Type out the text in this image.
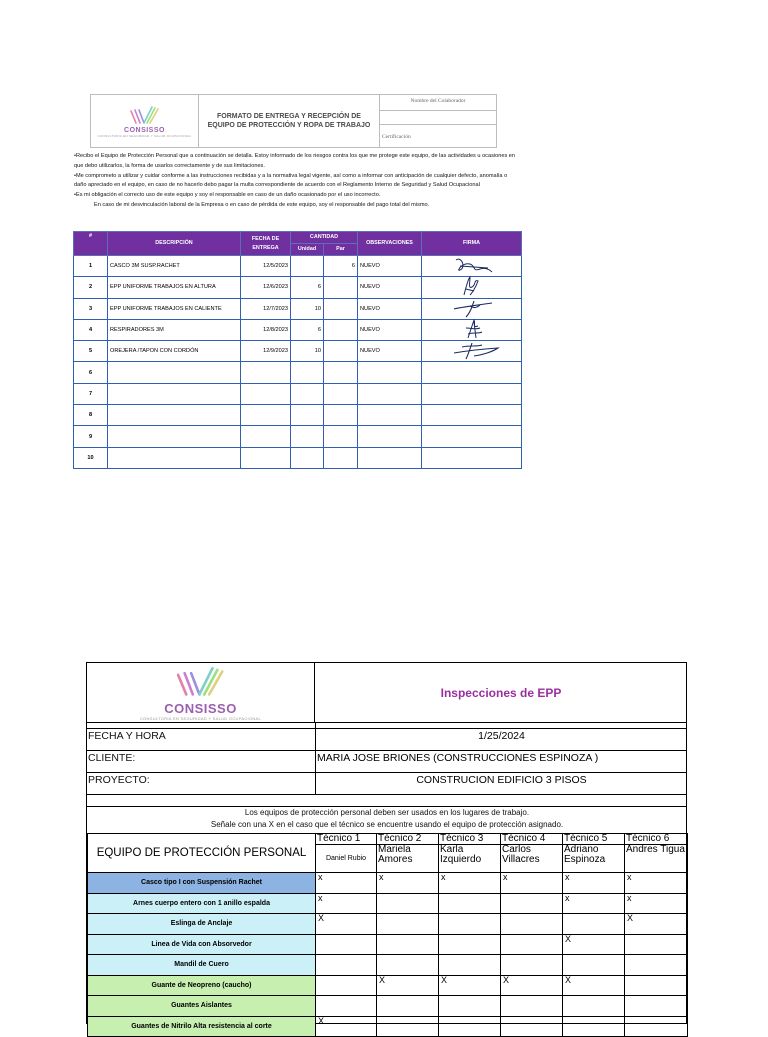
CONSISSO
CONSULTORIA EN SEGURIDAD Y SALUD OCUPACIONAL
FORMATO DE ENTREGA Y RECEPCIÓN DE EQUIPO DE PROTECCIÓN Y ROPA DE TRABAJO
Nombre del Colaborador
Certificación

•Recibo el Equipo de Protección Personal que a continuación se detalla. Estoy informado de los riesgos contra los que me protege este equipo, de las actividades u ocasiones en que debo utilizarlos, la forma de usarlos correctamente y de sus limitaciones.

•Me comprometo a utilizar y cuidar conforme a las instrucciones recibidas y a la normativa legal vigente, así como a informar con anticipación de cualquier defecto, anomalía o daño apreciado en el equipo, en caso de no hacerlo debo pagar la multa correspondiente de acuerdo con el Reglamento Interno de Seguridad y Salud Ocupacional

•Es mi obligación el correcto uso de este equipo y soy el responsable en caso de un daño ocasionado por el uso incorrecto.

En caso de mi desvinculación laboral de la Empresa o en caso de pérdida de este equipo, soy el responsable del pago total del mismo.

#	DESCRIPCIÓN	FECHA DE ENTREGA	CANTIDAD		OBSERVACIONES	FIRMA
			Unidad	Par		
1	CASCO 3M SUSP.RACHET	12/5/2023		6	NUEVO	

2	EPP UNIFORME TRABAJOS EN ALTURA	12/6/2023	6		NUEVO	

3	EPP UNIFORME TRABAJOS EN CALIENTE	12/7/2023	10		NUEVO	

4	RESPIRADORES 3M	12/8/2023	6		NUEVO	

5	OREJERA /TAPON CON CORDÓN	12/9/2023	10		NUEVO	

6						
7						
8						
9						
10						
CONSISSO
CONSULTORIA EN SEGURIDAD Y SALUD OCUPACIONAL
Inspecciones de EPP
FECHA Y HORA	1/25/2024
CLIENTE:	MARIA JOSE BRIONES (CONSTRUCCIONES ESPINOZA )
PROYECTO:	CONSTRUCION EDIFICIO 3 PISOS
Los equipos de protección personal deben ser usados en los lugares de trabajo.
Señale con una X en el caso que el técnico se encuentre usando el equipo de protección asignado.
EQUIPO DE PROTECCIÓN PERSONAL	Técnico 1	Técnico 2	Técnico 3	Técnico 4	Técnico 5	Técnico 6
	Daniel Rubio	Mariela Amores	Karla Izquierdo	Carlos Villacres	Adriano Espinoza	Andres Tigua
Casco tipo I con Suspensión Rachet	x	x	x	x	x	x
Arnes cuerpo entero con 1 anillo espalda	x				x	x
Eslinga de Anclaje	X					X
Linea de Vida con Absorvedor					X	
Mandil de Cuero						
Guante de Neopreno (caucho)		X	X	X	X	
Guantes Aislantes						
Guantes de Nitrilo Alta resistencia al corte	X					
